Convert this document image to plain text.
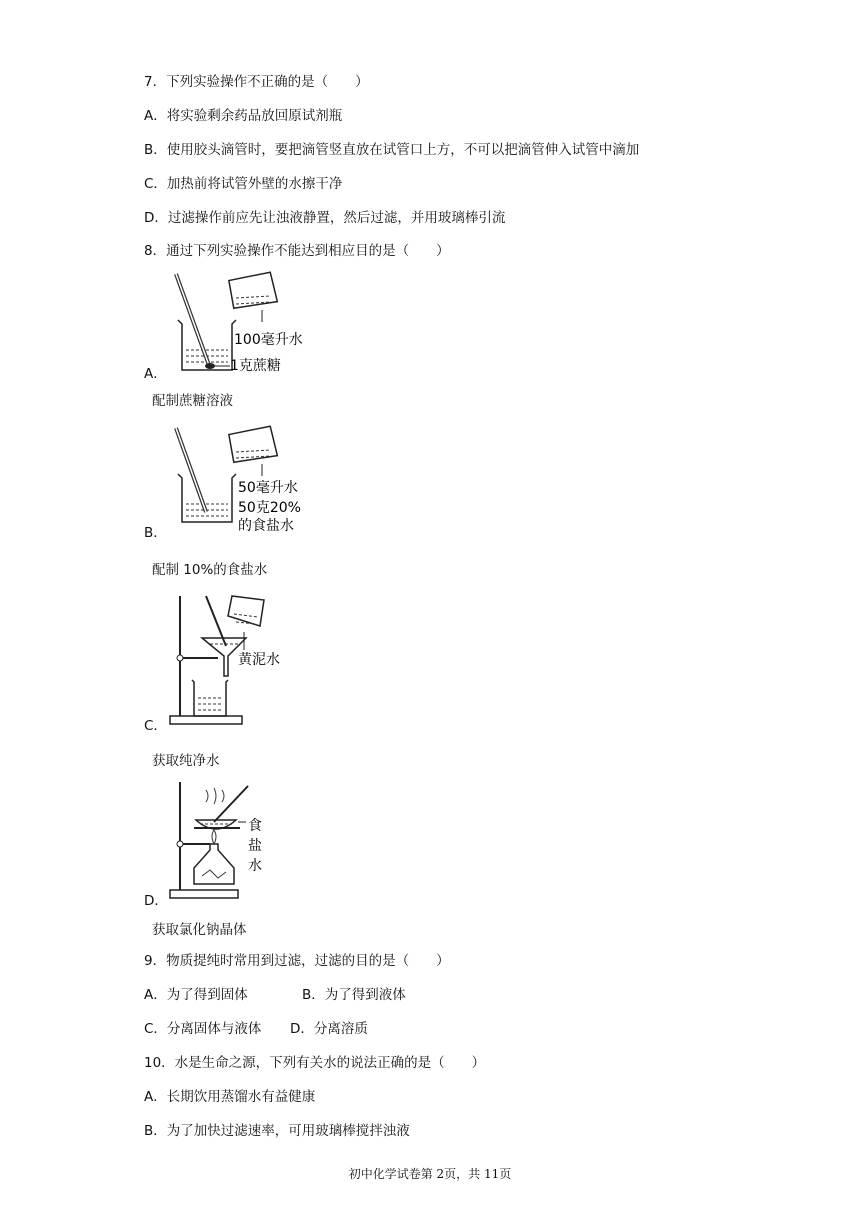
7．下列实验操作不正确的是（　　）
A．将实验剩余药品放回原试剂瓶
B．使用胶头滴管时，要把滴管竖直放在试管口上方，不可以把滴管伸入试管中滴加
C．加热前将试管外壁的水擦干净
D．过滤操作前应先让浊液静置，然后过滤，并用玻璃棒引流
8．通过下列实验操作不能达到相应目的是（　　）
100毫升水
1克蔗糖
A．
配制蔗糖溶液
50毫升水
50克20%
的食盐水
B．
配制 10%的食盐水
黄泥水
C．
获取纯净水
食
盐
水
D．
获取氯化钠晶体
9．物质提纯时常用到过滤，过滤的目的是（　　）
A．为了得到固体	B．为了得到液体
C．分离固体与液体 D．分离溶质
10．水是生命之源，下列有关水的说法正确的是（　　）
A．长期饮用蒸馏水有益健康
B．为了加快过滤速率，可用玻璃棒搅拌浊液
初中化学试卷第 2页，共 11页
